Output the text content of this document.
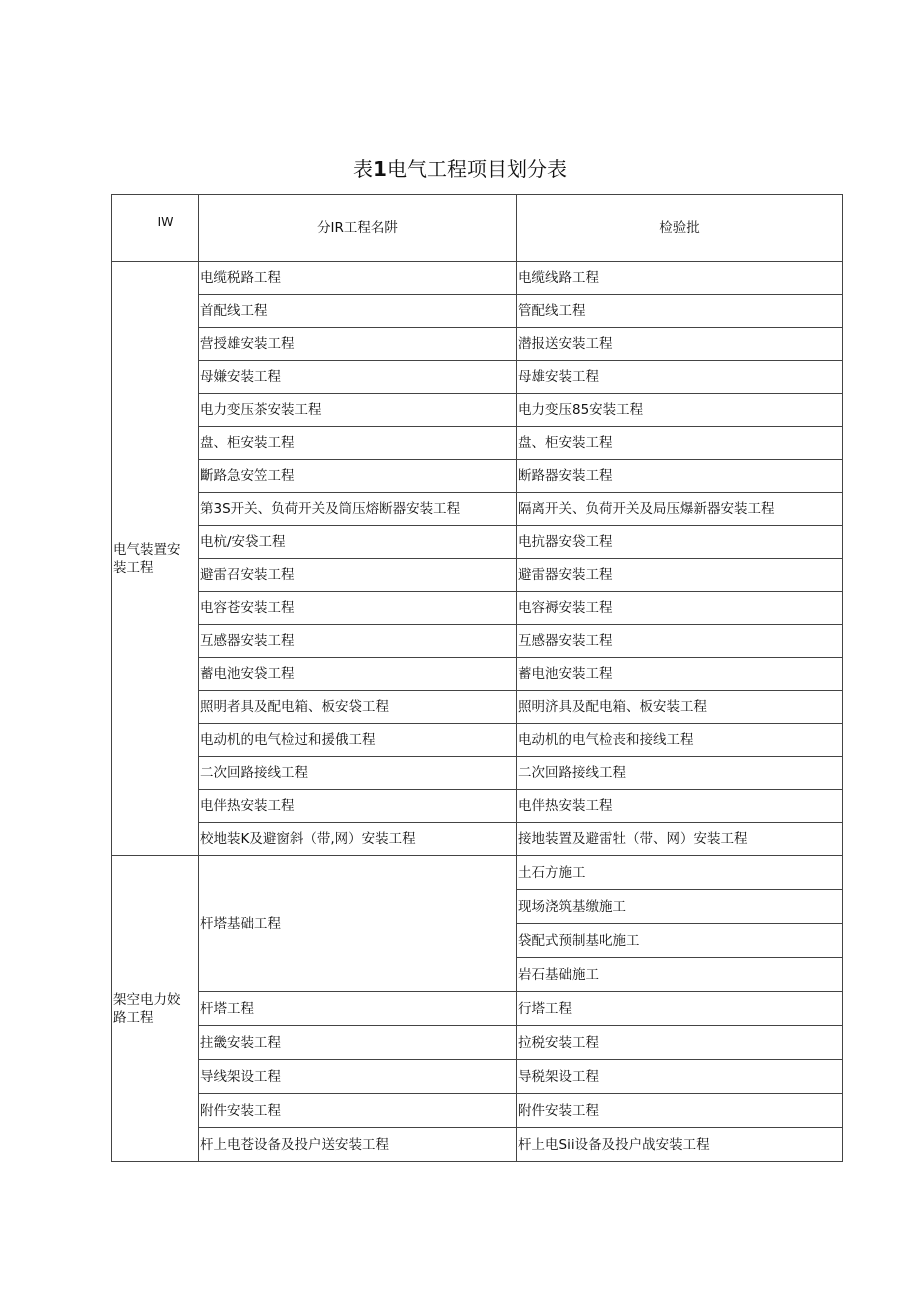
表1电气工程项目划分表
	IW	分IR工程名阱	检验批

电气装置安
装工程		电缆税路工程	电缆线路工程
		首配线工程	管配线工程
		营授雄安装工程	潜报送安装工程
		母嫌安装工程	母雄安装工程
		电力变压茶安装工程	电力变压85安装工程
		盘、柜安装工程	盘、柜安装工程
		斷路急安笠工程	断路器安装工程
		第3S开关、负荷开关及筒压熔断器安装工程	隔离开关、负荷开关及局压爆新器安装工程
		电杭/安袋工程	电抗器安袋工程
		避雷召安装工程	避雷器安装工程
		电容苍安装工程	电容褥安装工程
		互感器安装工程	互感器安装工程
		蓄电池安袋工程	蓄电池安装工程
		照明者具及配电箱、板安袋工程	照明济具及配电箱、板安装工程
		电动机的电气检过和援俄工程	电动机的电气检丧和接线工程
		二次回路接线工程	二次回路接线工程
		电伴热安装工程	电伴热安装工程
		校地装K及避窗斜（带,网）安装工程	接地装置及避雷牡（带、网）安装工程

架空电力姣
路工程		杆塔基础工程	土石方施工
			现场浇筑基缴施工
			袋配式预制基叱施工
			岩石基础施工
		杆塔工程	行塔工程
		拄畿安装工程	拉税安装工程
		导线架设工程	导税架设工程
		附件安装工程	附件安装工程
		杆上电苍设备及投户送安装工程	杆上电Sii设备及投户战安装工程
